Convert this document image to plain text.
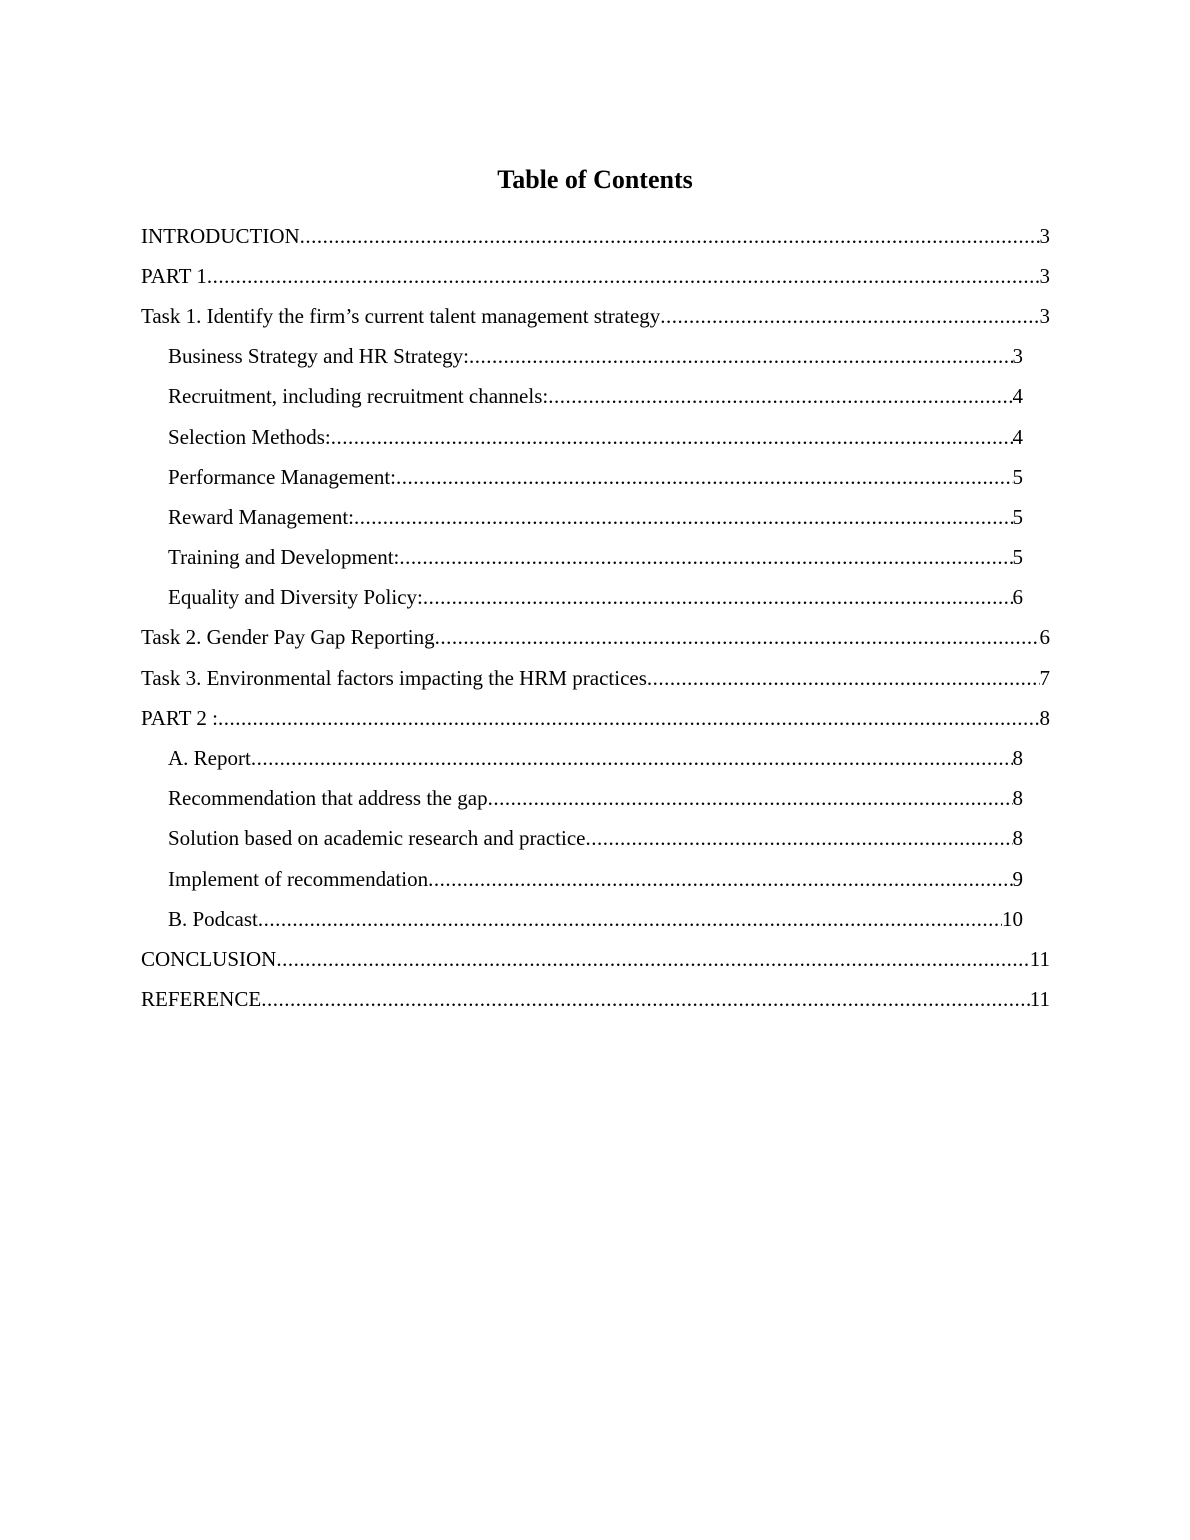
Table of Contents
INTRODUCTION .....	3
PART 1 .....	3
Task 1. Identify the firm’s current talent management strategy .....	3
Business Strategy and HR Strategy: .....	3
Recruitment, including recruitment channels: .....	4
Selection Methods: .....	4
Performance Management: .....	5
Reward Management: .....	5
Training and Development: .....	5
Equality and Diversity Policy: .....	6
Task 2. Gender Pay Gap Reporting .....	6
Task 3. Environmental factors impacting the HRM practices .....	7
PART 2 : .....	8
A. Report .....	8
Recommendation that address the gap .....	8
Solution based on academic research and practice .....	8
Implement of recommendation .....	9
B. Podcast .....	10
CONCLUSION .....	11
REFERENCE .....	11
